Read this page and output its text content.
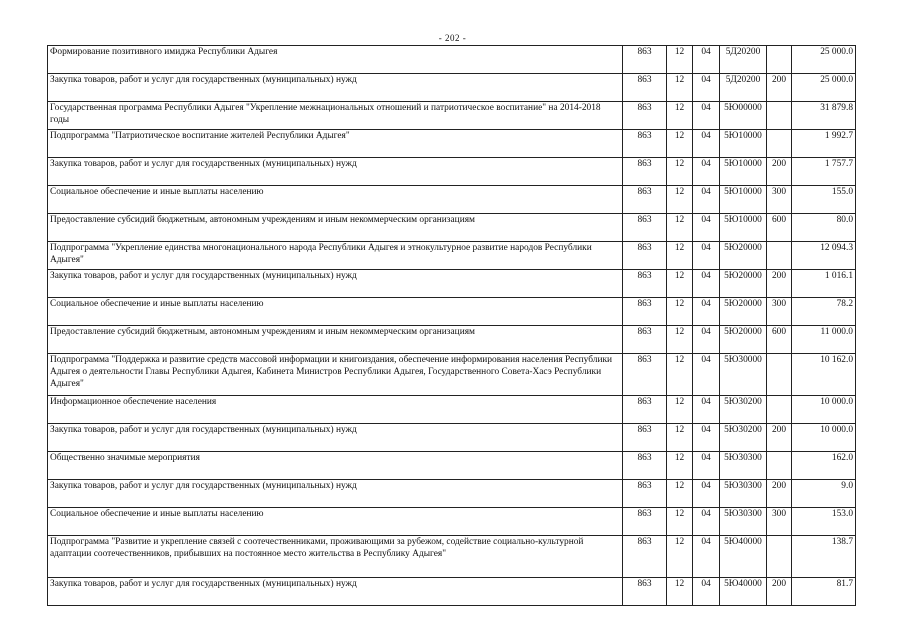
- 202 -
Формирование позитивного имиджа Республики Адыгея	863	12	04	5Д20200		25 000.0
Закупка товаров, работ и услуг для государственных (муниципальных) нужд	863	12	04	5Д20200	200	25 000.0
Государственная программа Республики Адыгея "Укрепление межнациональных отношений и патриотическое воспитание" на 2014-2018 годы	863	12	04	5Ю00000		31 879.8
Подпрограмма "Патриотическое воспитание жителей Республики Адыгея"	863	12	04	5Ю10000		1 992.7
Закупка товаров, работ и услуг для государственных (муниципальных) нужд	863	12	04	5Ю10000	200	1 757.7
Социальное обеспечение и иные выплаты населению	863	12	04	5Ю10000	300	155.0
Предоставление субсидий бюджетным, автономным учреждениям и иным некоммерческим организациям	863	12	04	5Ю10000	600	80.0
Подпрограмма "Укрепление единства многонационального народа Республики Адыгея и этнокультурное развитие народов Республики Адыгея"	863	12	04	5Ю20000		12 094.3
Закупка товаров, работ и услуг для государственных (муниципальных) нужд	863	12	04	5Ю20000	200	1 016.1
Социальное обеспечение и иные выплаты населению	863	12	04	5Ю20000	300	78.2
Предоставление субсидий бюджетным, автономным учреждениям и иным некоммерческим организациям	863	12	04	5Ю20000	600	11 000.0
Подпрограмма "Поддержка и развитие средств массовой информации и книгоиздания, обеспечение информирования населения Республики Адыгея о деятельности Главы Республики Адыгея, Кабинета Министров Республики Адыгея, Государственного Совета-Хасэ Республики Адыгея"	863	12	04	5Ю30000		10 162.0
Информационное обеспечение населения	863	12	04	5Ю30200		10 000.0
Закупка товаров, работ и услуг для государственных (муниципальных) нужд	863	12	04	5Ю30200	200	10 000.0
Общественно значимые мероприятия	863	12	04	5Ю30300		162.0
Закупка товаров, работ и услуг для государственных (муниципальных) нужд	863	12	04	5Ю30300	200	9.0
Социальное обеспечение и иные выплаты населению	863	12	04	5Ю30300	300	153.0
Подпрограмма "Развитие и укрепление связей с соотечественниками, проживающими за рубежом, содействие социально-культурной адаптации соотечественников, прибывших на постоянное место жительства в Республику Адыгея"	863	12	04	5Ю40000		138.7
Закупка товаров, работ и услуг для государственных (муниципальных) нужд	863	12	04	5Ю40000	200	81.7
